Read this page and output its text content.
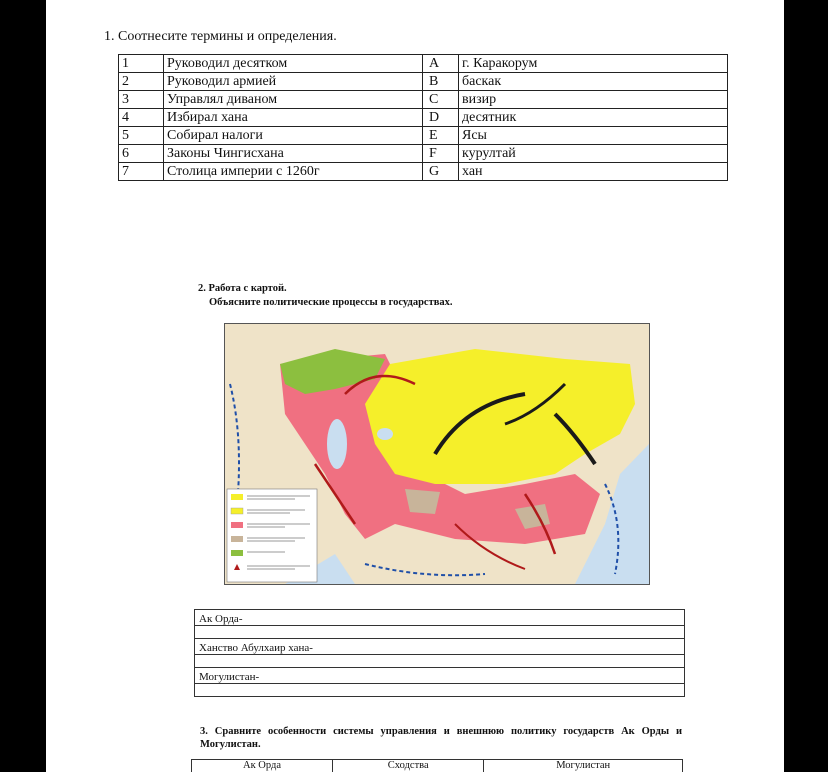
1. Соотнесите термины и определения.
1	Руководил десятком	A	г. Каракорум
2	Руководил армией	B	баскак
3	Управлял диваном	C	визир
4	Избирал хана	D	десятник
5	Собирал налоги	E	Ясы
6	Законы Чингисхана	F	курултай
7	Столица империи с 1260г	G	хан
2. Работа с картой.
Объясните политические процессы в государствах.
Ак Орда-
Ханство Абулхаир хана-
Могулистан-
3. Сравните особенности системы управления и внешнюю политику государств Ак Орды и Могулистан.
Ак Орда	Сходства	Могулистан
